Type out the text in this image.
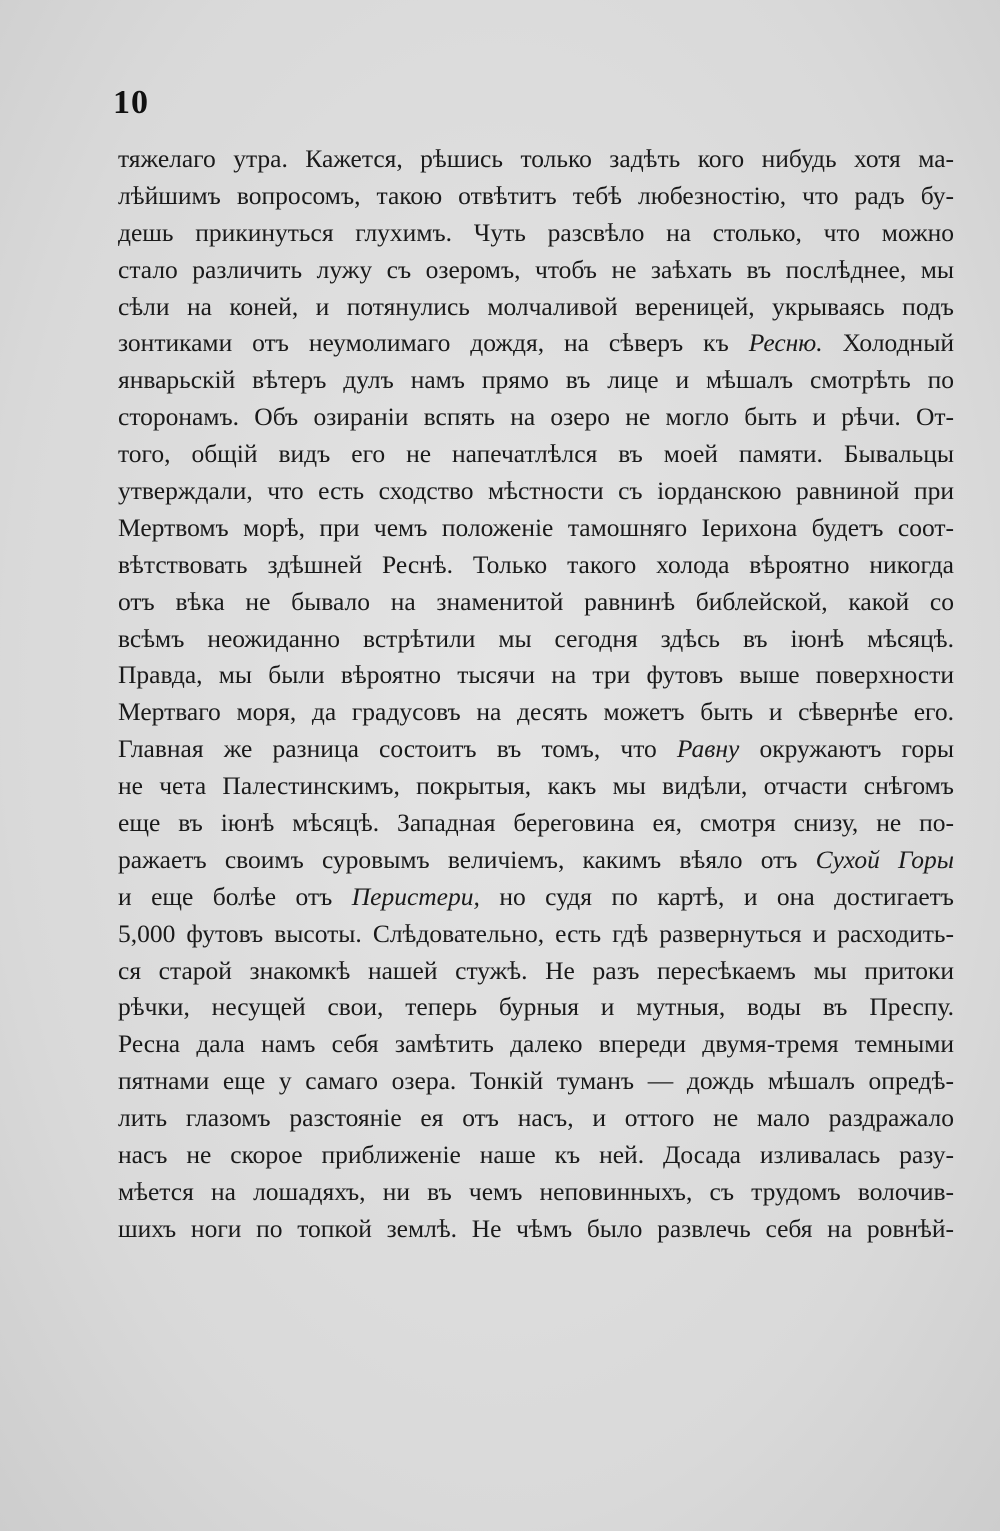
10
тяжелаго утра. Кажется, рѣшись только задѣть кого нибудь хотя ма-
лѣйшимъ вопросомъ, такою отвѣтитъ тебѣ любезностію, что радъ бу-
дешь прикинуться глухимъ. Чуть разсвѣло на столько, что можно
стало различить лужу съ озеромъ, чтобъ не заѣхать въ послѣднее, мы
сѣли на коней, и потянулись молчаливой вереницей, укрываясь подъ
зонтиками отъ неумолимаго дождя, на сѣверъ къ Ресню. Холодный
январьскій вѣтеръ дулъ намъ прямо въ лице и мѣшалъ смотрѣть по
сторонамъ. Объ озираніи вспять на озеро не могло быть и рѣчи. От-
того, общій видъ его не напечатлѣлся въ моей памяти. Бывальцы
утверждали, что есть сходство мѣстности съ іорданскою равниной при
Мертвомъ морѣ, при чемъ положеніе тамошняго Іерихона будетъ соот-
вѣтствовать здѣшней Реснѣ. Только такого холода вѣроятно никогда
отъ вѣка не бывало на знаменитой равнинѣ библейской, какой со
всѣмъ неожиданно встрѣтили мы сегодня здѣсь въ іюнѣ мѣсяцѣ.
Правда, мы были вѣроятно тысячи на три футовъ выше поверхности
Мертваго моря, да градусовъ на десять можетъ быть и сѣвернѣе его.
Главная же разница состоитъ въ томъ, что Равну окружаютъ горы
не чета Палестинскимъ, покрытыя, какъ мы видѣли, отчасти снѣгомъ
еще въ іюнѣ мѣсяцѣ. Западная береговина ея, смотря снизу, не по-
ражаетъ своимъ суровымъ величіемъ, какимъ вѣяло отъ Сухой Горы
и еще болѣе отъ Перистери, но судя по картѣ, и она достигаетъ
5,000 футовъ высоты. Слѣдовательно, есть гдѣ развернуться и расходить-
ся старой знакомкѣ нашей стужѣ. Не разъ пересѣкаемъ мы притоки
рѣчки, несущей свои, теперь бурныя и мутныя, воды въ Преспу.
Ресна дала намъ себя замѣтить далеко впереди двумя-тремя темными
пятнами еще у самаго озера. Тонкій туманъ — дождь мѣшалъ опредѣ-
лить глазомъ разстояніе ея отъ насъ, и оттого не мало раздражало
насъ не скорое приближеніе наше къ ней. Досада изливалась разу-
мѣется на лошадяхъ, ни въ чемъ неповинныхъ, съ трудомъ волочив-
шихъ ноги по топкой землѣ. Не чѣмъ было развлечь себя на ровнѣй-
